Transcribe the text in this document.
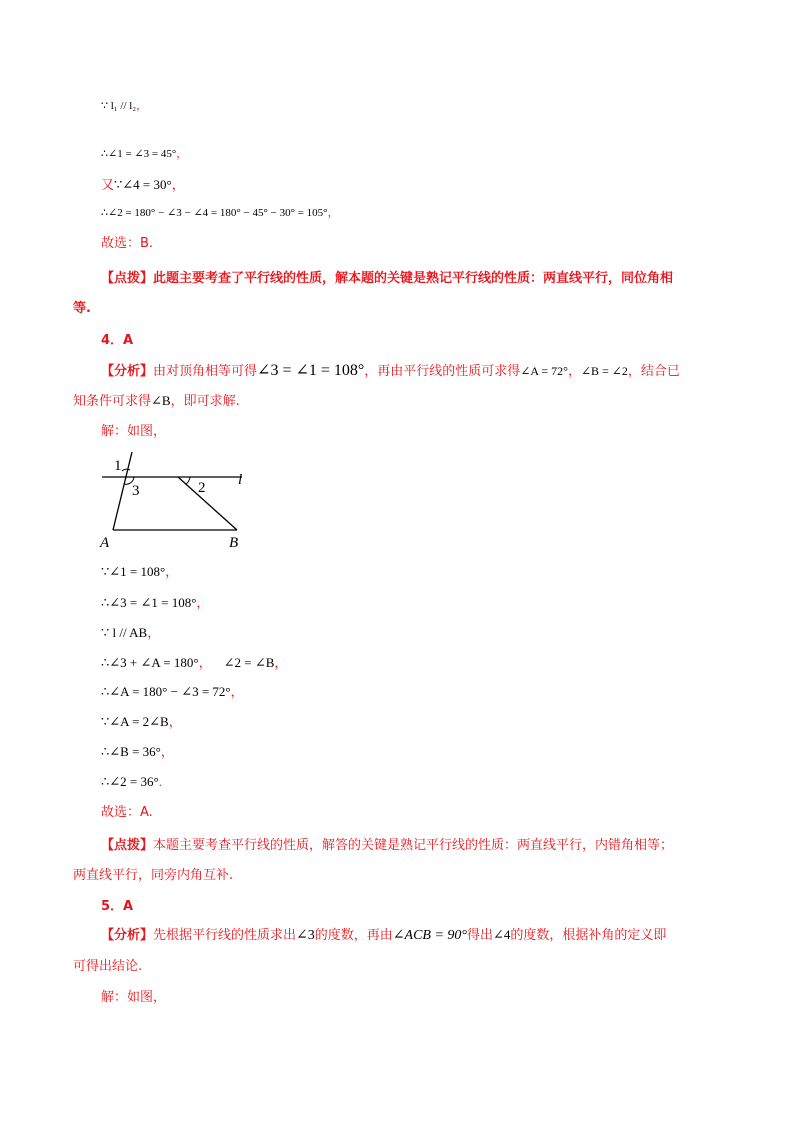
∵ l₁ // l₂，
∴∠1 = ∠3 = 45°，
又∵∠4 = 30°，
∴∠2 = 180° − ∠3 − ∠4 = 180° − 45° − 30° = 105°，
故选：B.
【点拨】此题主要考查了平行线的性质，解本题的关键是熟记平行线的性质：两直线平行，同位角相
等.
4．A
【分析】由对顶角相等可得∠3 = ∠1 = 108°，再由平行线的性质可求得∠A = 72°，∠B = ∠2，结合已
知条件可求得∠B，即可求解.
解：如图，
1
3	2 l
A	B
∵∠1 = 108°，
∴∠3 = ∠1 = 108°，
∵ l // AB，
∴∠3 + ∠A = 180°， ∠2 = ∠B，
∴∠A = 180° − ∠3 = 72°，
∵∠A = 2∠B，
∴∠B = 36°，
∴∠2 = 36°.
故选：A.
【点拨】本题主要考查平行线的性质，解答的关键是熟记平行线的性质：两直线平行，内错角相等；
两直线平行，同旁内角互补.
5．A
【分析】先根据平行线的性质求出∠3的度数，再由∠ACB = 90°得出∠4的度数，根据补角的定义即
可得出结论.
解：如图，
